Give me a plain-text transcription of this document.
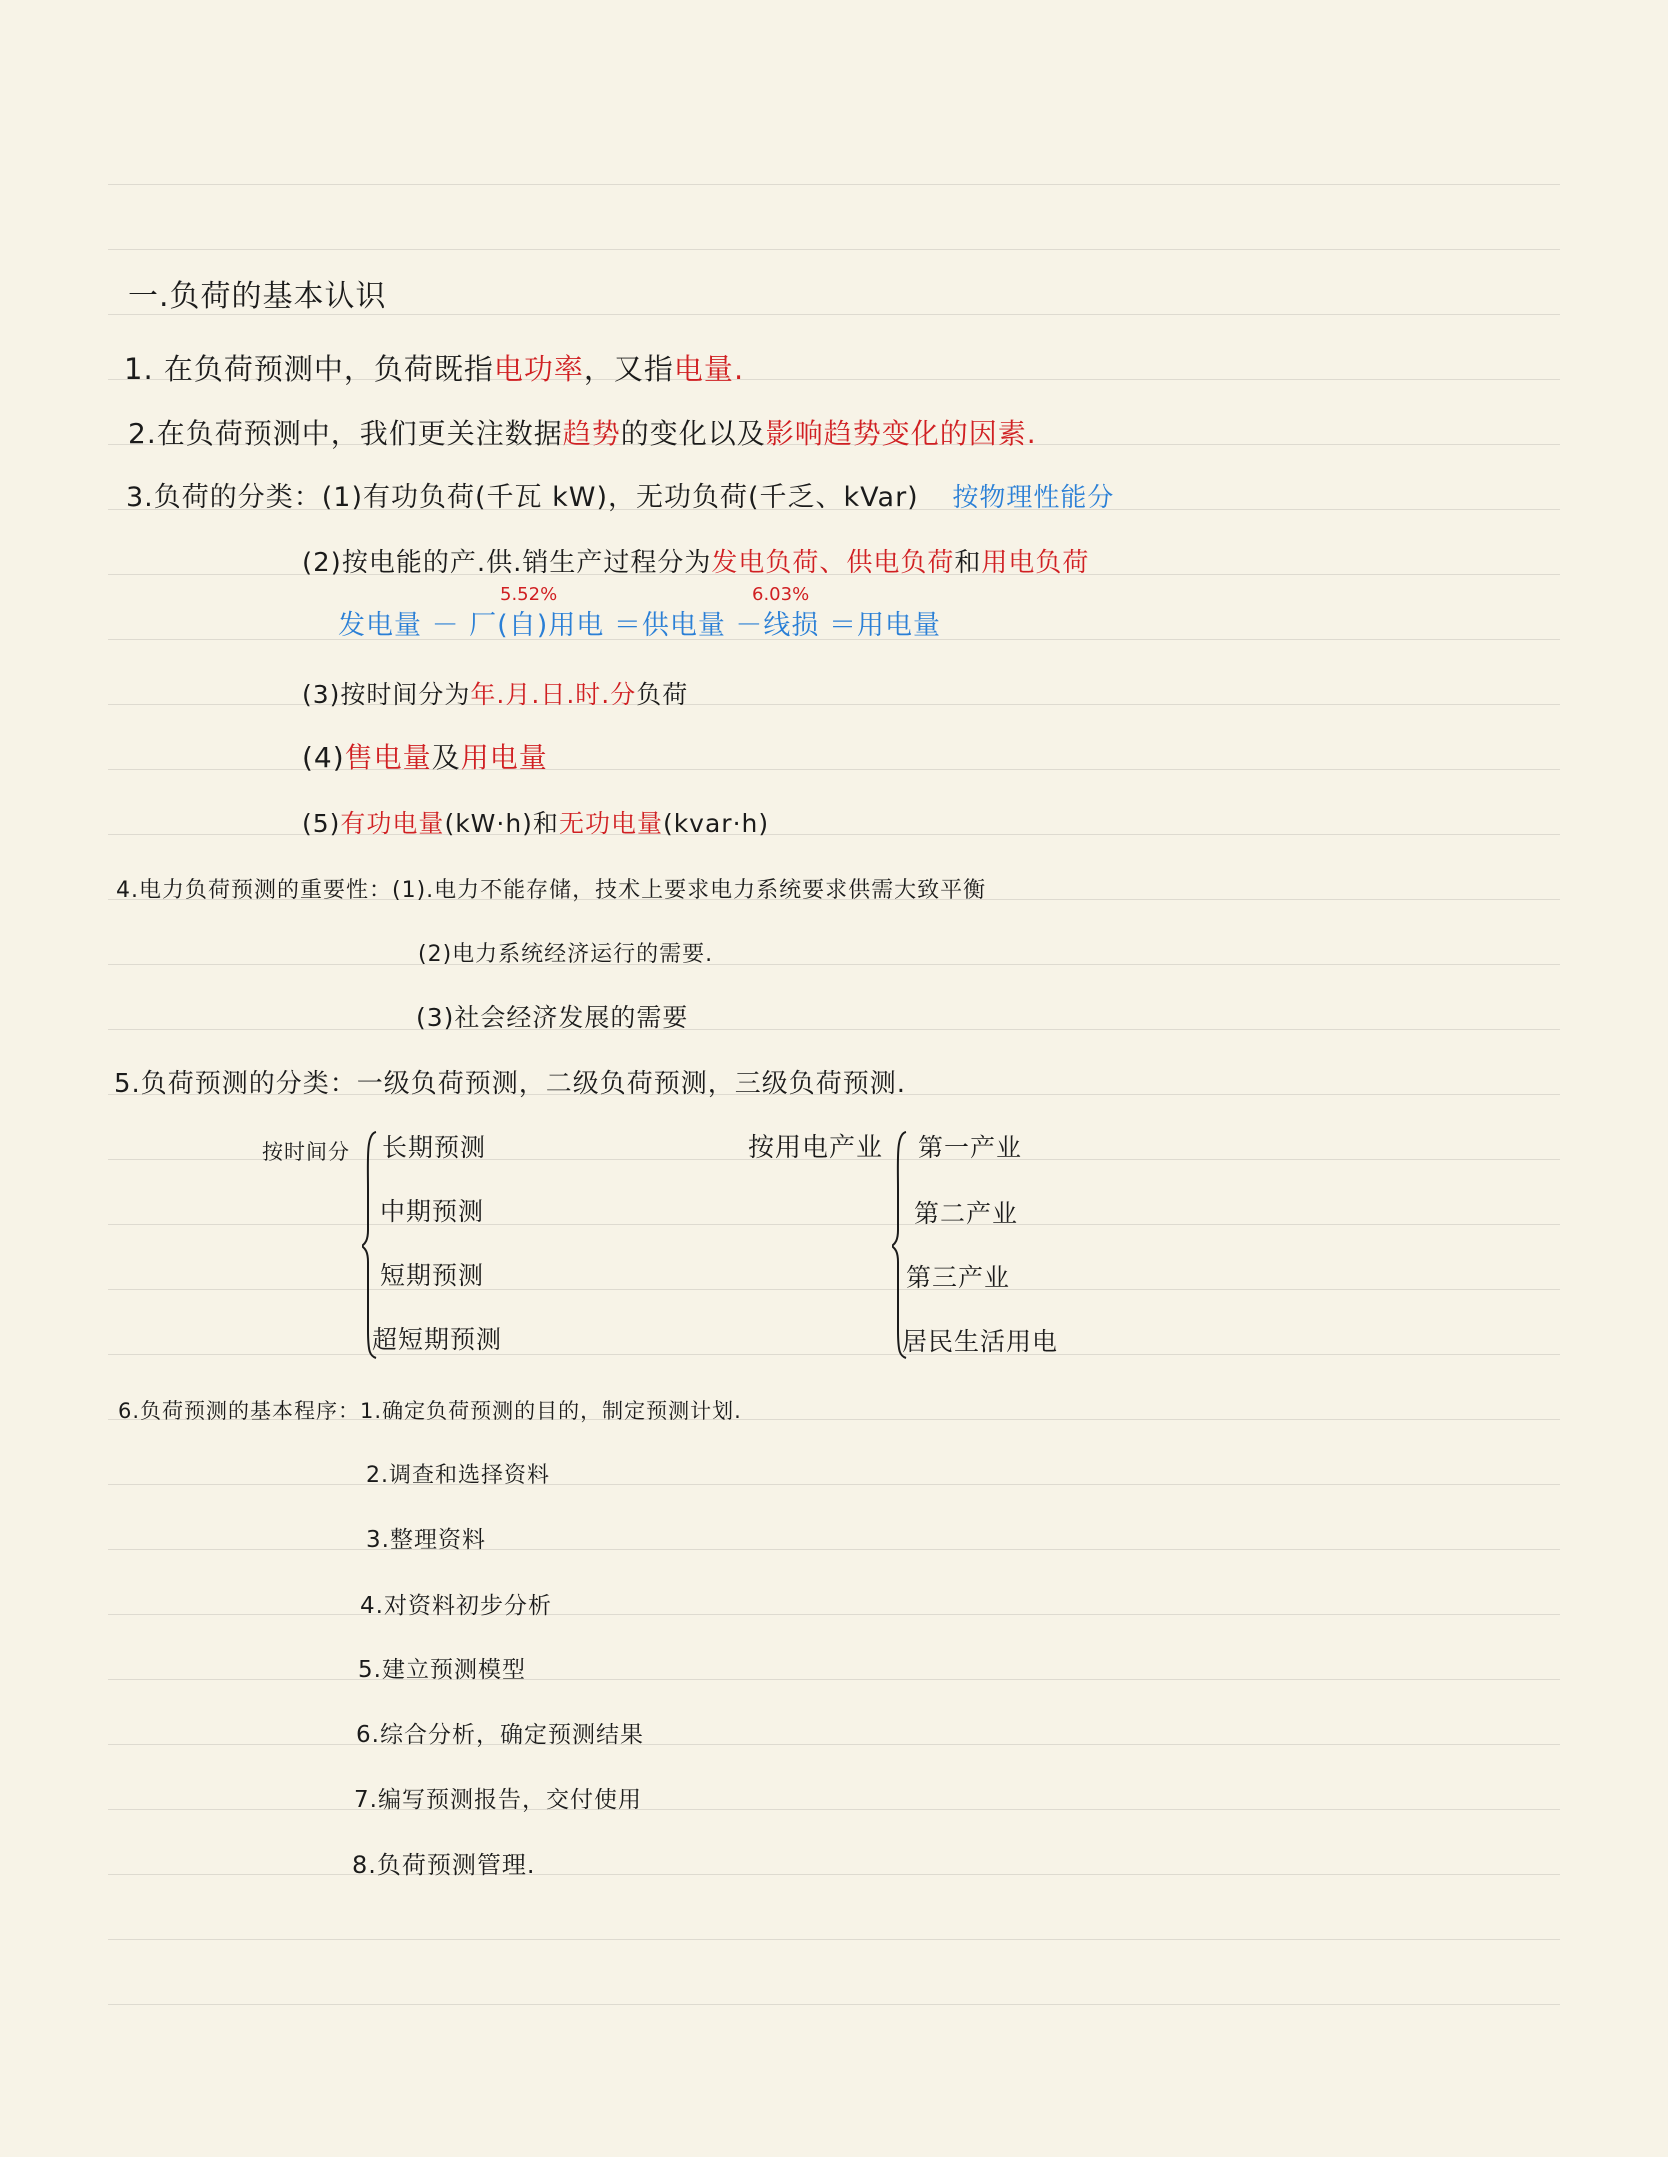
一.负荷的基本认识
1. 在负荷预测中，负荷既指电功率，又指电量.
2.在负荷预测中，我们更关注数据趋势的变化以及影响趋势变化的因素.
3.负荷的分类：(1)有功负荷(千瓦 kW)，无功负荷(千乏、kVar) 按物理性能分
(2)按电能的产.供.销生产过程分为发电负荷、供电负荷和用电负荷
5.52%	6.03%
发电量 － 厂(自)用电 ＝供电量 －线损 ＝用电量
(3)按时间分为年.月.日.时.分负荷
(4)售电量及用电量
(5)有功电量(kW·h)和无功电量(kvar·h)
4.电力负荷预测的重要性：(1).电力不能存储，技术上要求电力系统要求供需大致平衡
(2)电力系统经济运行的需要.
(3)社会经济发展的需要
5.负荷预测的分类：一级负荷预测，二级负荷预测，三级负荷预测.
按时间分 长期预测
中期预测
短期预测
超短期预测
按用电产业 第一产业
第二产业
第三产业
居民生活用电
6.负荷预测的基本程序：1.确定负荷预测的目的，制定预测计划.
2.调查和选择资料
3.整理资料
4.对资料初步分析
5.建立预测模型
6.综合分析，确定预测结果
7.编写预测报告，交付使用
8.负荷预测管理.
